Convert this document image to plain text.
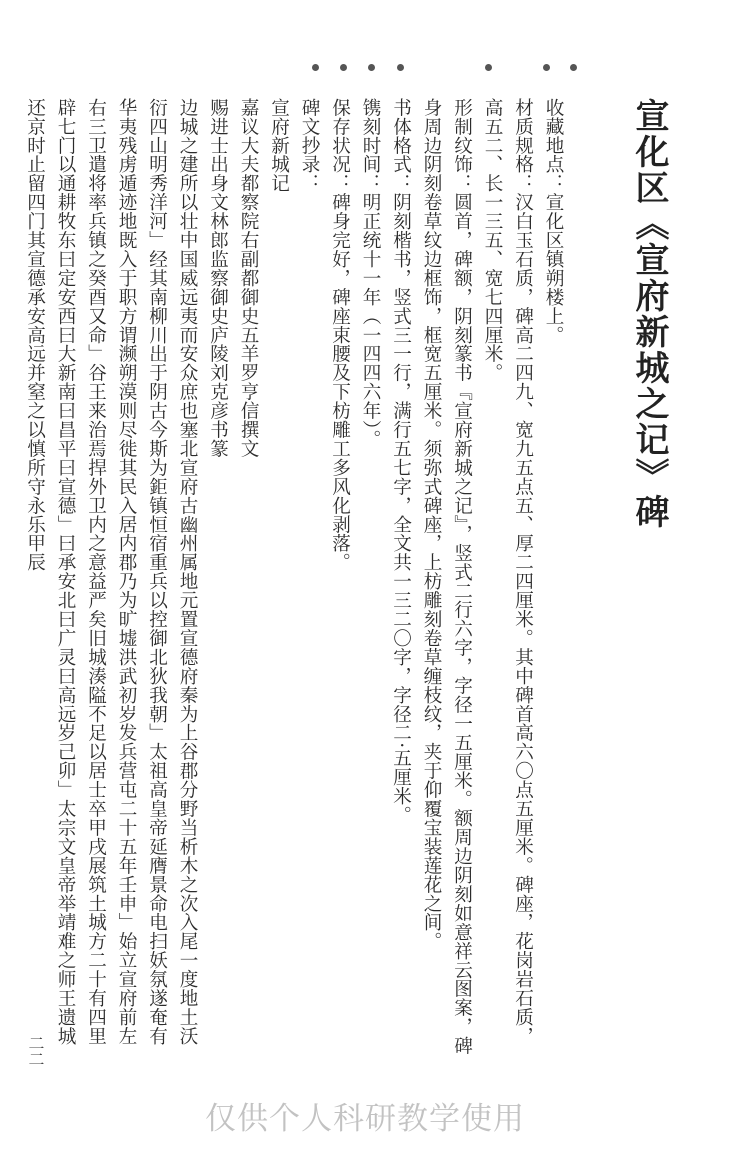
宣化区《宣府新城之记》碑
收藏地点：宣化区镇朔楼上。
材质规格：汉白玉石质，碑高二四九、宽九五点五、厚二四厘米。其中碑首高六〇点五厘米。碑座，花岗岩石质，高五二、长一三五、宽七四厘米。
形制纹饰：圆首，碑额，阴刻篆书『宣府新城之记』，竖式二行六字，字径一五厘米。额周边阴刻如意祥云图案，碑身周边阴刻卷草纹边框饰，框宽五厘米。须弥式碑座，上枋雕刻卷草缠枝纹，夹于仰覆宝装莲花之间。
书体格式：阴刻楷书，竖式三一行，满行五七字，全文共一三二〇字，字径二·五厘米。
镌刻时间：明正统十一年（一四四六年）。
保存状况：碑身完好，碑座束腰及下枋雕工多风化剥落。
碑文抄录：
宣府新城记
嘉议大夫都察院右副都御史五羊罗亨信撰文
赐进士出身文林郎监察御史庐陵刘克彦书篆
边城之建所以壮中国威远夷而安众庶也塞北宣府古幽州属地元置宣德府秦为上谷郡分野当析木之次入尾一度地土沃衍四山明秀洋河」经其南柳川出于阴古今斯为鉅镇恒宿重兵以控御北狄我朝」太祖高皇帝延膺景命电扫妖氛遂奄有华夷残虏遁迹地既入于职方谓濒朔漠则尽徙其民入居内郡乃为旷墟洪武初岁发兵营屯二十五年壬申」始立宣府前左右三卫遣将率兵镇之癸酉又命」谷王来治焉捍外卫内之意益严矣旧城湊隘不足以居士卒甲戌展筑土城方二十有四里辟七门以通耕牧东曰定安西曰大新南曰昌平曰宣德」曰承安北曰广灵曰高远岁己卯」太宗文皇帝举靖难之师王遗城还京时止留四门其宣德承安高远并窒之以慎所守永乐甲辰
二二
仅供个人科研教学使用
